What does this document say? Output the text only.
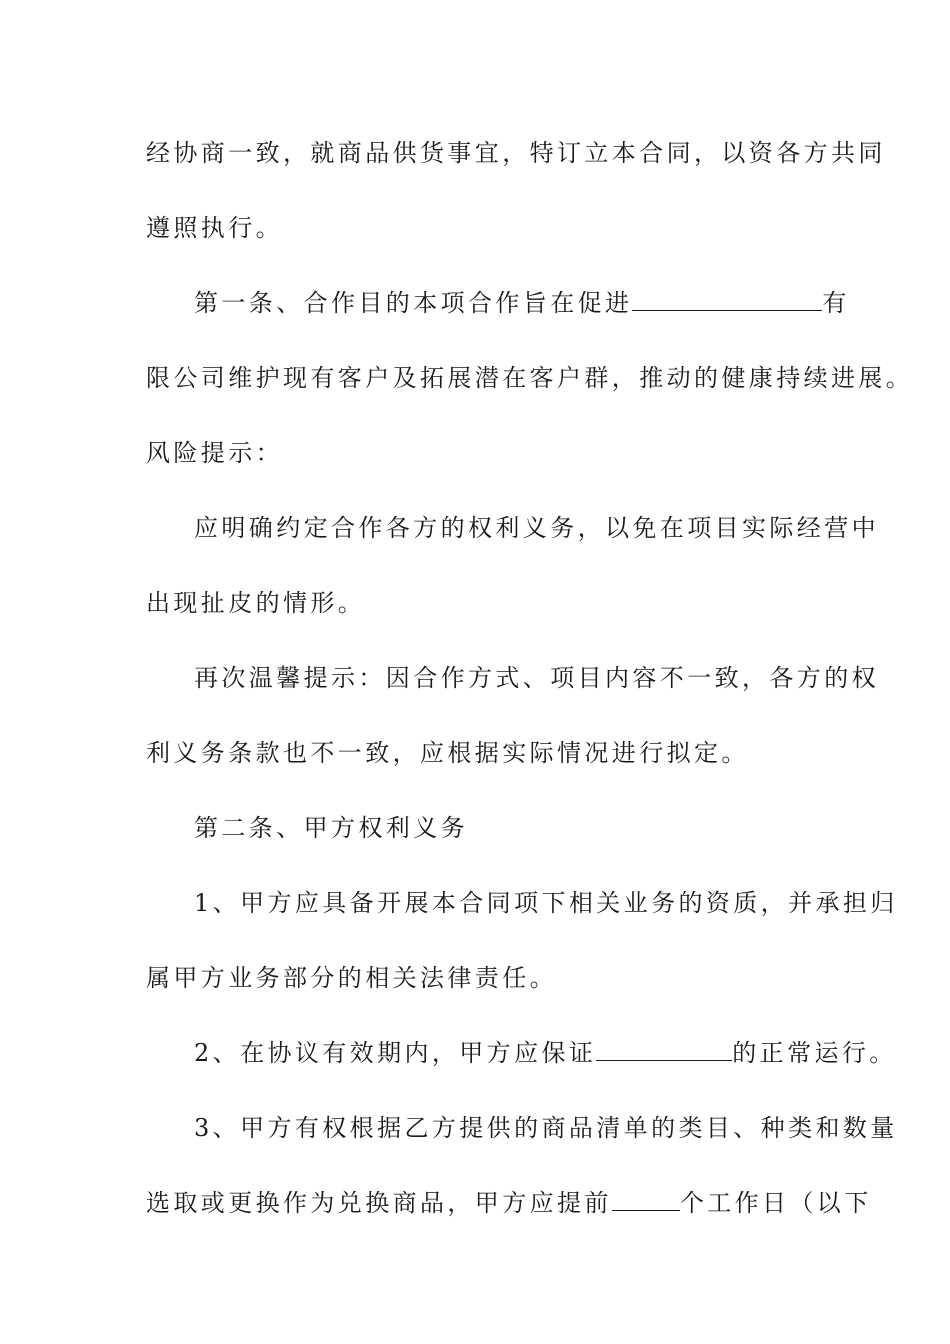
经协商一致，就商品供货事宜，特订立本合同，以资各方共同
遵照执行。
第一条、合作目的本项合作旨在促进	有
限公司维护现有客户及拓展潜在客户群，推动的健康持续进展。
风险提示：
应明确约定合作各方的权利义务，以免在项目实际经营中
出现扯皮的情形。
再次温馨提示：因合作方式、项目内容不一致，各方的权
利义务条款也不一致，应根据实际情况进行拟定。
第二条、甲方权利义务
1、甲方应具备开展本合同项下相关业务的资质，并承担归
属甲方业务部分的相关法律责任。
2、在协议有效期内，甲方应保证	的正常运行。
3、甲方有权根据乙方提供的商品清单的类目、种类和数量
选取或更换作为兑换商品，甲方应提前	个工作日（以下
